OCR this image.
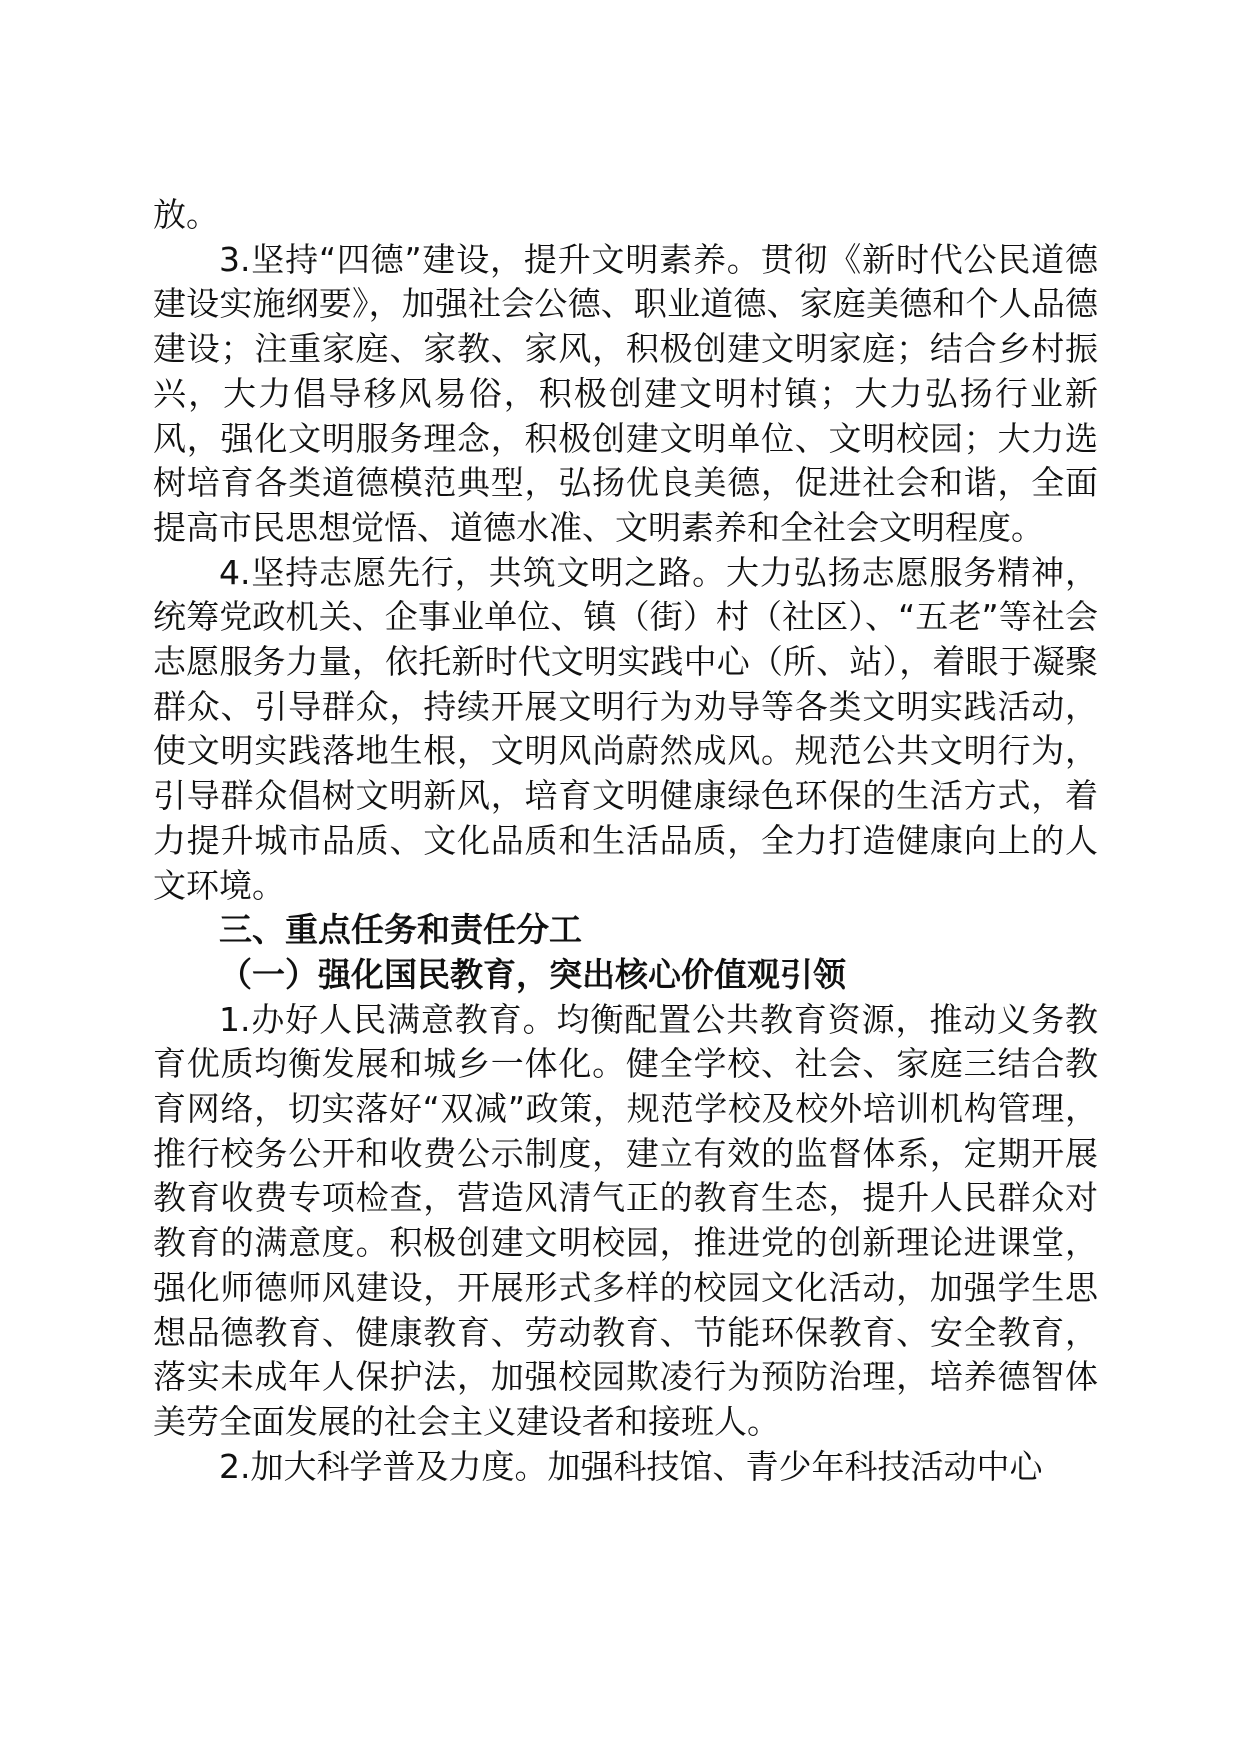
放。

3.坚持“四德”建设，提升文明素养。贯彻《新时代公民道德建设实施纲要》，加强社会公德、职业道德、家庭美德和个人品德建设；注重家庭、家教、家风，积极创建文明家庭；结合乡村振兴，大力倡导移风易俗，积极创建文明村镇；大力弘扬行业新风，强化文明服务理念，积极创建文明单位、文明校园；大力选树培育各类道德模范典型，弘扬优良美德，促进社会和谐，全面提高市民思想觉悟、道德水准、文明素养和全社会文明程度。

4.坚持志愿先行，共筑文明之路。大力弘扬志愿服务精神，统筹党政机关、企事业单位、镇（街）村（社区）、“五老”等社会志愿服务力量，依托新时代文明实践中心（所、站），着眼于凝聚群众、引导群众，持续开展文明行为劝导等各类文明实践活动，使文明实践落地生根，文明风尚蔚然成风。规范公共文明行为，引导群众倡树文明新风，培育文明健康绿色环保的生活方式，着力提升城市品质、文化品质和生活品质，全力打造健康向上的人文环境。

三、重点任务和责任分工

（一）强化国民教育，突出核心价值观引领

1.办好人民满意教育。均衡配置公共教育资源，推动义务教育优质均衡发展和城乡一体化。健全学校、社会、家庭三结合教育网络，切实落好“双减”政策，规范学校及校外培训机构管理，推行校务公开和收费公示制度，建立有效的监督体系，定期开展教育收费专项检查，营造风清气正的教育生态，提升人民群众对教育的满意度。积极创建文明校园，推进党的创新理论进课堂，强化师德师风建设，开展形式多样的校园文化活动，加强学生思想品德教育、健康教育、劳动教育、节能环保教育、安全教育，落实未成年人保护法，加强校园欺凌行为预防治理，培养德智体美劳全面发展的社会主义建设者和接班人。

2.加大科学普及力度。加强科技馆、青少年科技活动中心
